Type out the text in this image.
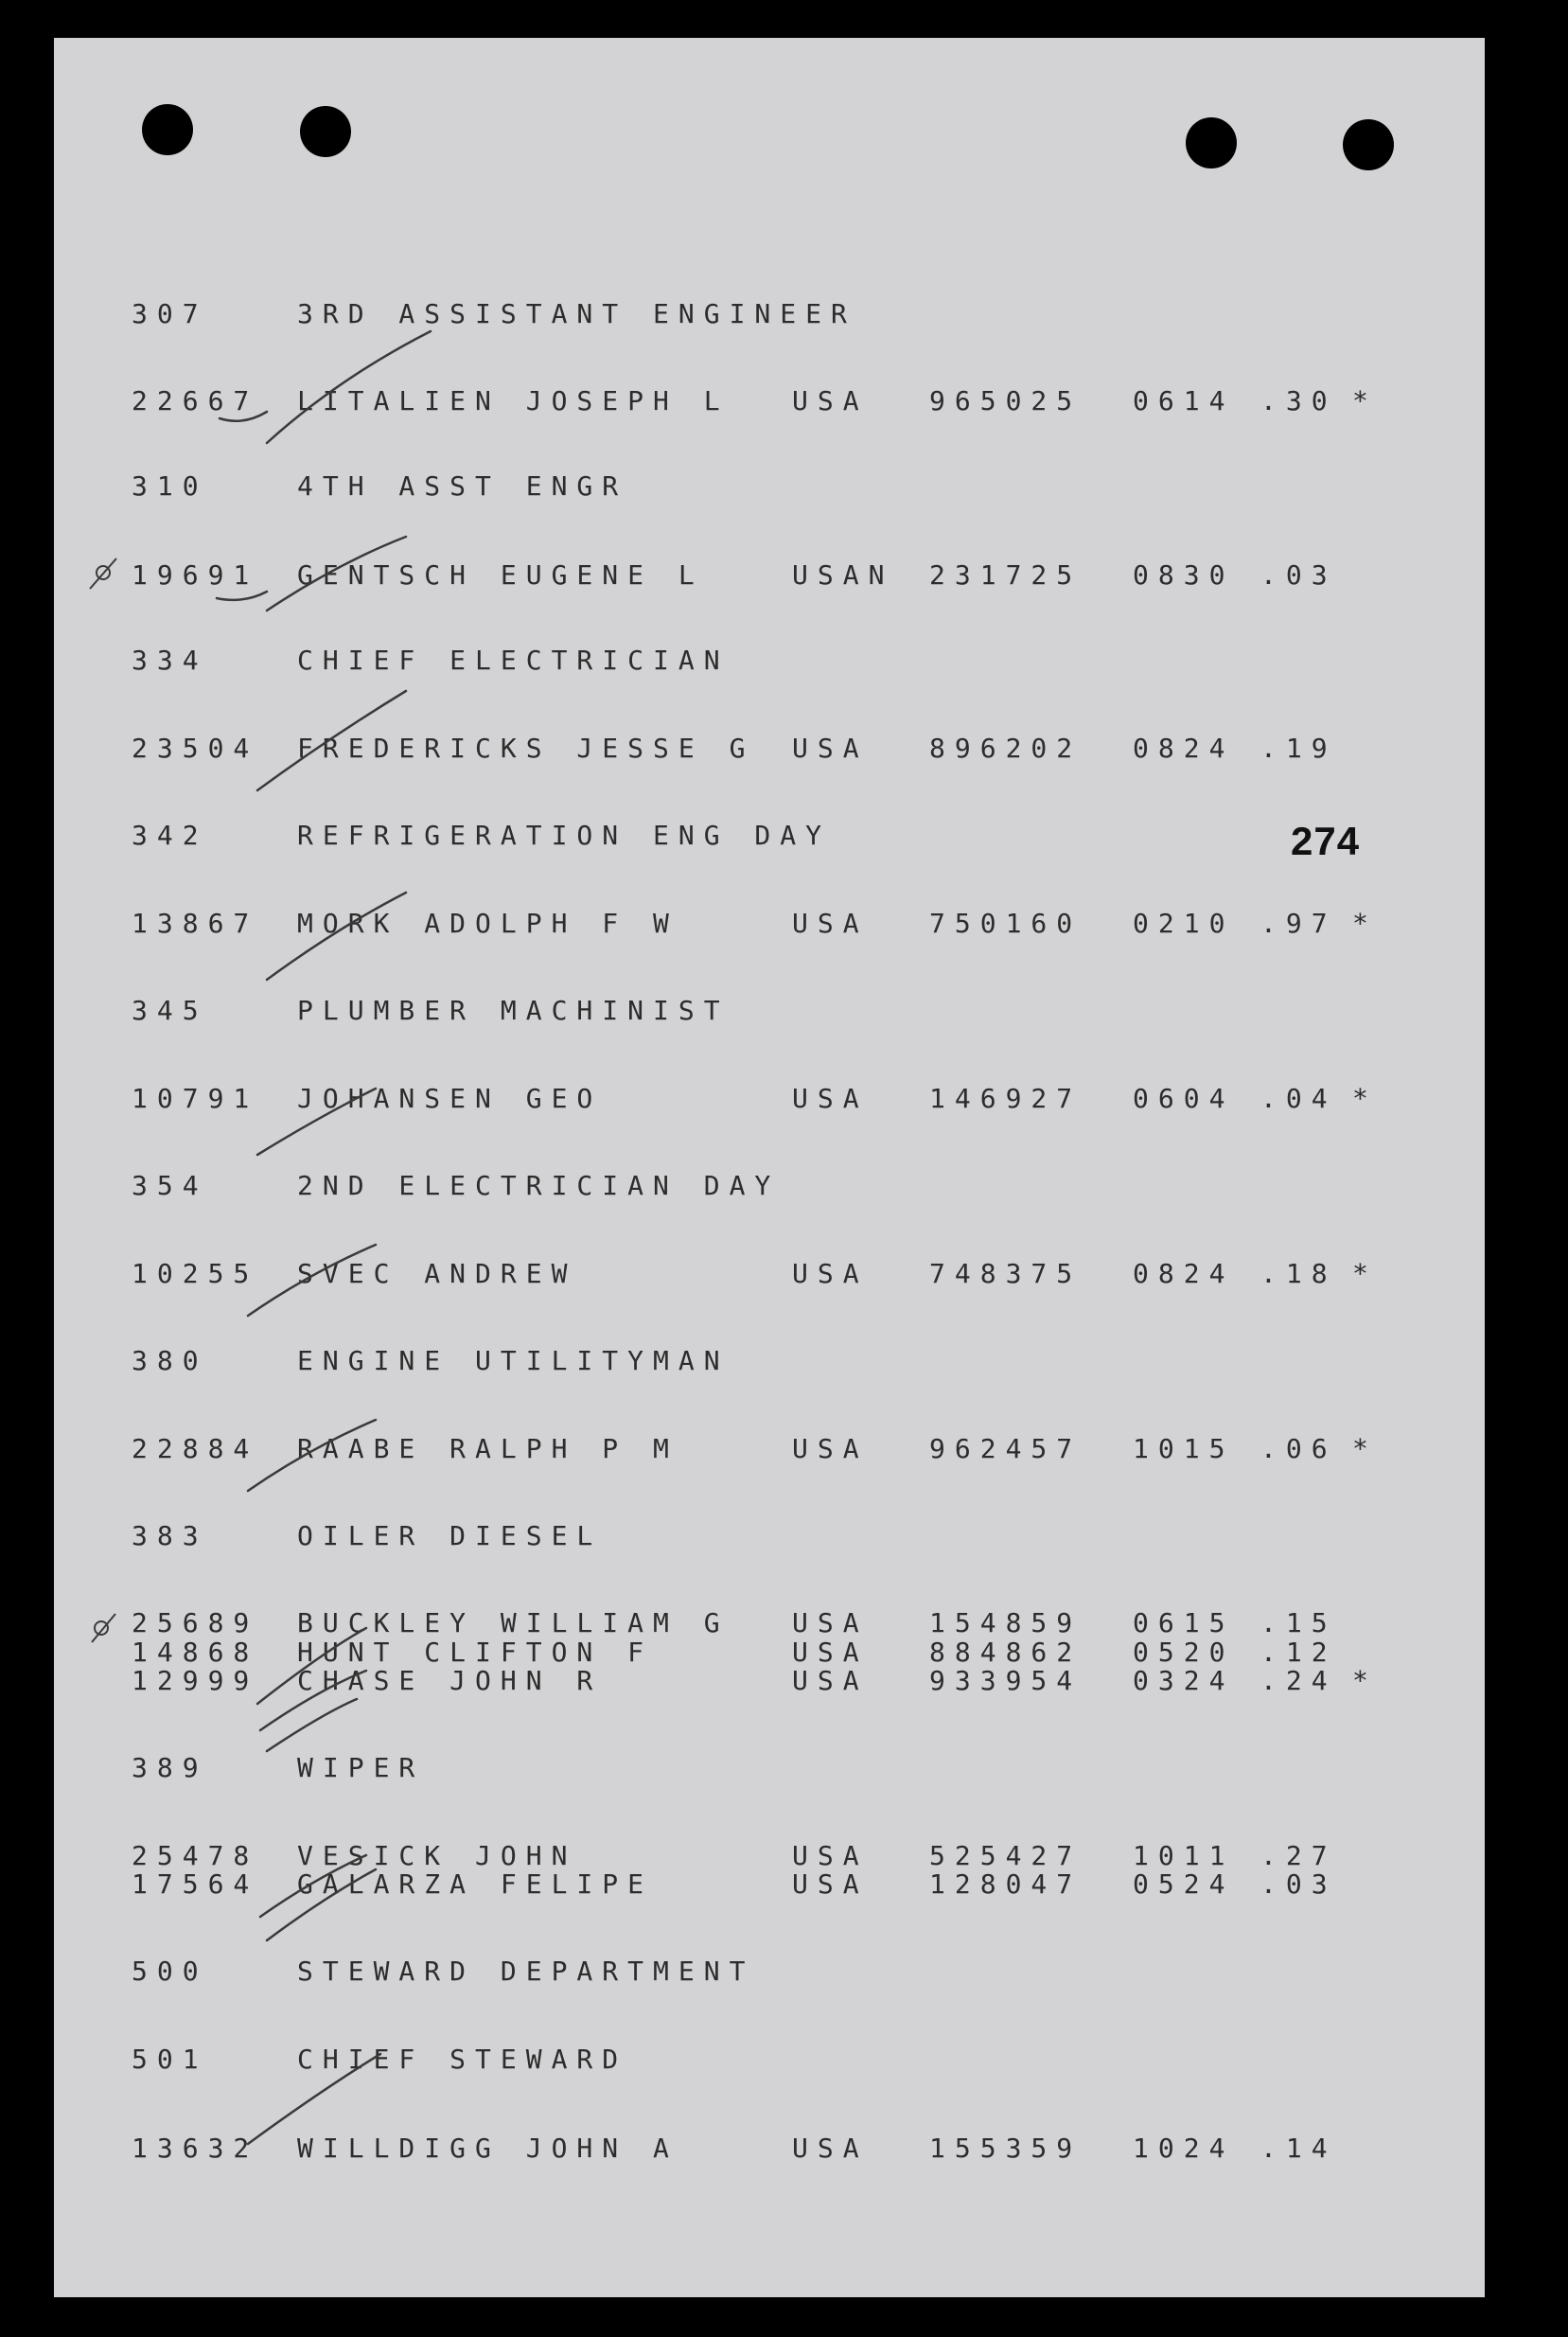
274
307	3RD ASSISTANT ENGINEER
22667 LITALIEN JOSEPH L USA 965025 0614 .30 *
310	4TH ASST ENGR
19691 GENTSCH EUGENE L	USAN 231725 0830 .03
334	CHIEF ELECTRICIAN
23504 FREDERICKS JESSE G USA 896202 0824 .19
342	REFRIGERATION ENG DAY
13867 MORK ADOLPH F W	USA 750160 0210 .97 *
345	PLUMBER MACHINIST
10791 JOHANSEN GEO	USA 146927 0604 .04 *
354	2ND ELECTRICIAN DAY
10255 SVEC ANDREW	USA 748375 0824 .18 *
380	ENGINE UTILITYMAN
22884 RAABE RALPH P M	USA 962457 1015 .06 *
383	OILER DIESEL
25689 BUCKLEY WILLIAM G USA 154859 0615 .15
14868 HUNT CLIFTON F	USA 884862 0520 .12
12999 CHASE JOHN R	USA 933954 0324 .24 *
389	WIPER
25478 VESICK JOHN	USA 525427 1011 .27
17564 GALARZA FELIPE	USA 128047 0524 .03
500	STEWARD DEPARTMENT
501	CHIEF STEWARD
13632 WILLDIGG JOHN A	USA 155359 1024 .14
